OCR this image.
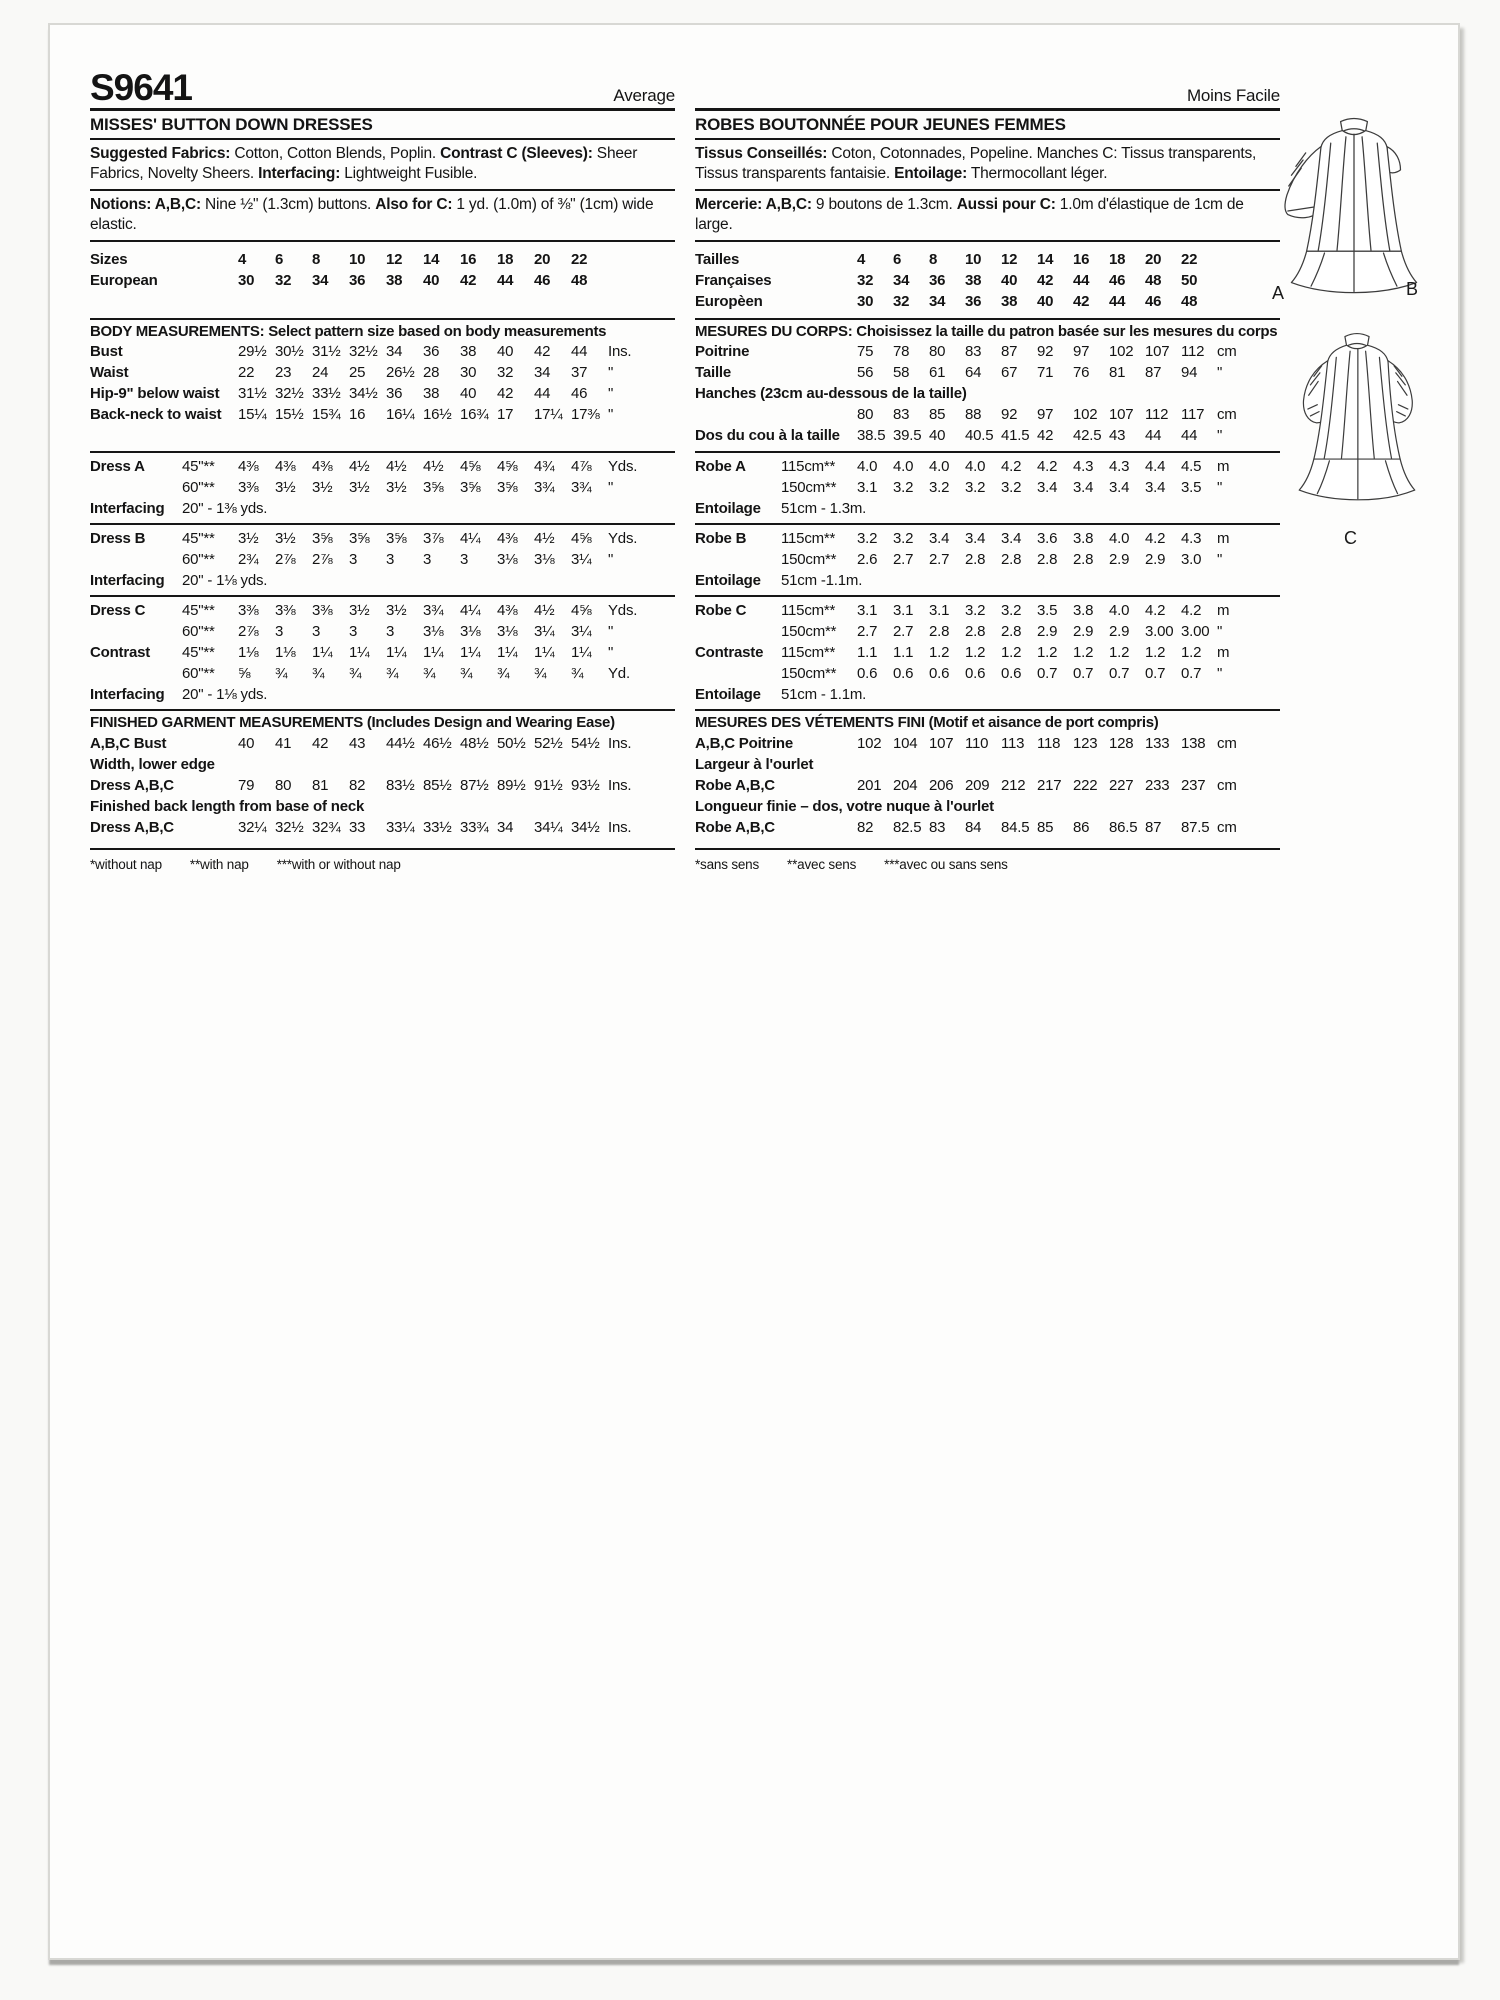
S9641	Average
MISSES' BUTTON DOWN DRESSES
Suggested Fabrics: Cotton, Cotton Blends, Poplin. Contrast C (Sleeves): Sheer Fabrics, Novelty Sheers. Interfacing: Lightweight Fusible.
Notions: A,B,C: Nine ½" (1.3cm) buttons. Also for C: 1 yd. (1.0m) of ⅜" (1cm) wide elastic.
Sizes	4	6	8	10	12	14	16	18	20	22	
European	30	32	34	36	38	40	42	44	46	48	
BODY MEASUREMENTS: Select pattern size based on body measurements
Bust	29½	30½	31½	32½	34	36	38	40	42	44	Ins.
Waist	22	23	24	25	26½	28	30	32	34	37	"
Hip-9" below waist	31½	32½	33½	34½	36	38	40	42	44	46	"
Back-neck to waist	15¼	15½	15¾	16	16¼	16½	16¾	17	17¼	17⅜	"
Dress A	45"**	4⅜	4⅜	4⅜	4½	4½	4½	4⅝	4⅝	4¾	4⅞	Yds.
	60"**	3⅜	3½	3½	3½	3½	3⅝	3⅝	3⅝	3¾	3¾	"
Interfacing	20" - 1⅜ yds.											
Dress B	45"**	3½	3½	3⅝	3⅝	3⅝	3⅞	4¼	4⅜	4½	4⅝	Yds.
	60"**	2¾	2⅞	2⅞	3	3	3	3	3⅛	3⅛	3¼	"
Interfacing	20" - 1⅛ yds.											
Dress C	45"**	3⅜	3⅜	3⅜	3½	3½	3¾	4¼	4⅜	4½	4⅝	Yds.
	60"**	2⅞	3	3	3	3	3⅛	3⅛	3⅛	3¼	3¼	"
Contrast	45"**	1⅛	1⅛	1¼	1¼	1¼	1¼	1¼	1¼	1¼	1¼	"
	60"**	⅝	¾	¾	¾	¾	¾	¾	¾	¾	¾	Yd.
Interfacing	20" - 1⅛ yds.											
FINISHED GARMENT MEASUREMENTS (Includes Design and Wearing Ease)
A,B,C Bust	40	41	42	43	44½	46½	48½	50½	52½	54½	Ins.
Width, lower edge											
Dress A,B,C	79	80	81	82	83½	85½	87½	89½	91½	93½	Ins.
Finished back length from base of neck											
Dress A,B,C	32¼	32½	32¾	33	33¼	33½	33¾	34	34¼	34½	Ins.
*without nap **with nap ***with or without nap
Moins Facile
ROBES BOUTONNÉE POUR JEUNES FEMMES
Tissus Conseillés: Coton, Cotonnades, Popeline. Manches C: Tissus transparents, Tissus transparents fantaisie. Entoilage: Thermocollant léger.
Mercerie: A,B,C: 9 boutons de 1.3cm. Aussi pour C: 1.0m d'élastique de 1cm de large.
Tailles	4	6	8	10	12	14	16	18	20	22	
Françaises	32	34	36	38	40	42	44	46	48	50	
Europèen	30	32	34	36	38	40	42	44	46	48	
MESURES DU CORPS: Choisissez la taille du patron basée sur les mesures du corps
Poitrine	75	78	80	83	87	92	97	102	107	112	cm
Taille	56	58	61	64	67	71	76	81	87	94	"
Hanches (23cm au-dessous de la taille)											
	80	83	85	88	92	97	102	107	112	117	cm
Dos du cou à la taille	38.5	39.5	40	40.5	41.5	42	42.5	43	44	44	"
Robe A	115cm**	4.0	4.0	4.0	4.0	4.2	4.2	4.3	4.3	4.4	4.5	m
	150cm**	3.1	3.2	3.2	3.2	3.2	3.4	3.4	3.4	3.4	3.5	"
Entoilage	51cm - 1.3m.											
Robe B	115cm**	3.2	3.2	3.4	3.4	3.4	3.6	3.8	4.0	4.2	4.3	m
	150cm**	2.6	2.7	2.7	2.8	2.8	2.8	2.8	2.9	2.9	3.0	"
Entoilage	51cm -1.1m.											
Robe C	115cm**	3.1	3.1	3.1	3.2	3.2	3.5	3.8	4.0	4.2	4.2	m
	150cm**	2.7	2.7	2.8	2.8	2.8	2.9	2.9	2.9	3.00	3.00	"
Contraste	115cm**	1.1	1.1	1.2	1.2	1.2	1.2	1.2	1.2	1.2	1.2	m
	150cm**	0.6	0.6	0.6	0.6	0.6	0.7	0.7	0.7	0.7	0.7	"
Entoilage	51cm - 1.1m.											
MESURES DES VÉTEMENTS FINI (Motif et aisance de port compris)
A,B,C Poitrine	102	104	107	110	113	118	123	128	133	138	cm
Largeur à l'ourlet											
Robe A,B,C	201	204	206	209	212	217	222	227	233	237	cm
Longueur finie – dos, votre nuque à l'ourlet											
Robe A,B,C	82	82.5	83	84	84.5	85	86	86.5	87	87.5	cm
*sans sens **avec sens ***avec ou sans sens
A	B
C
